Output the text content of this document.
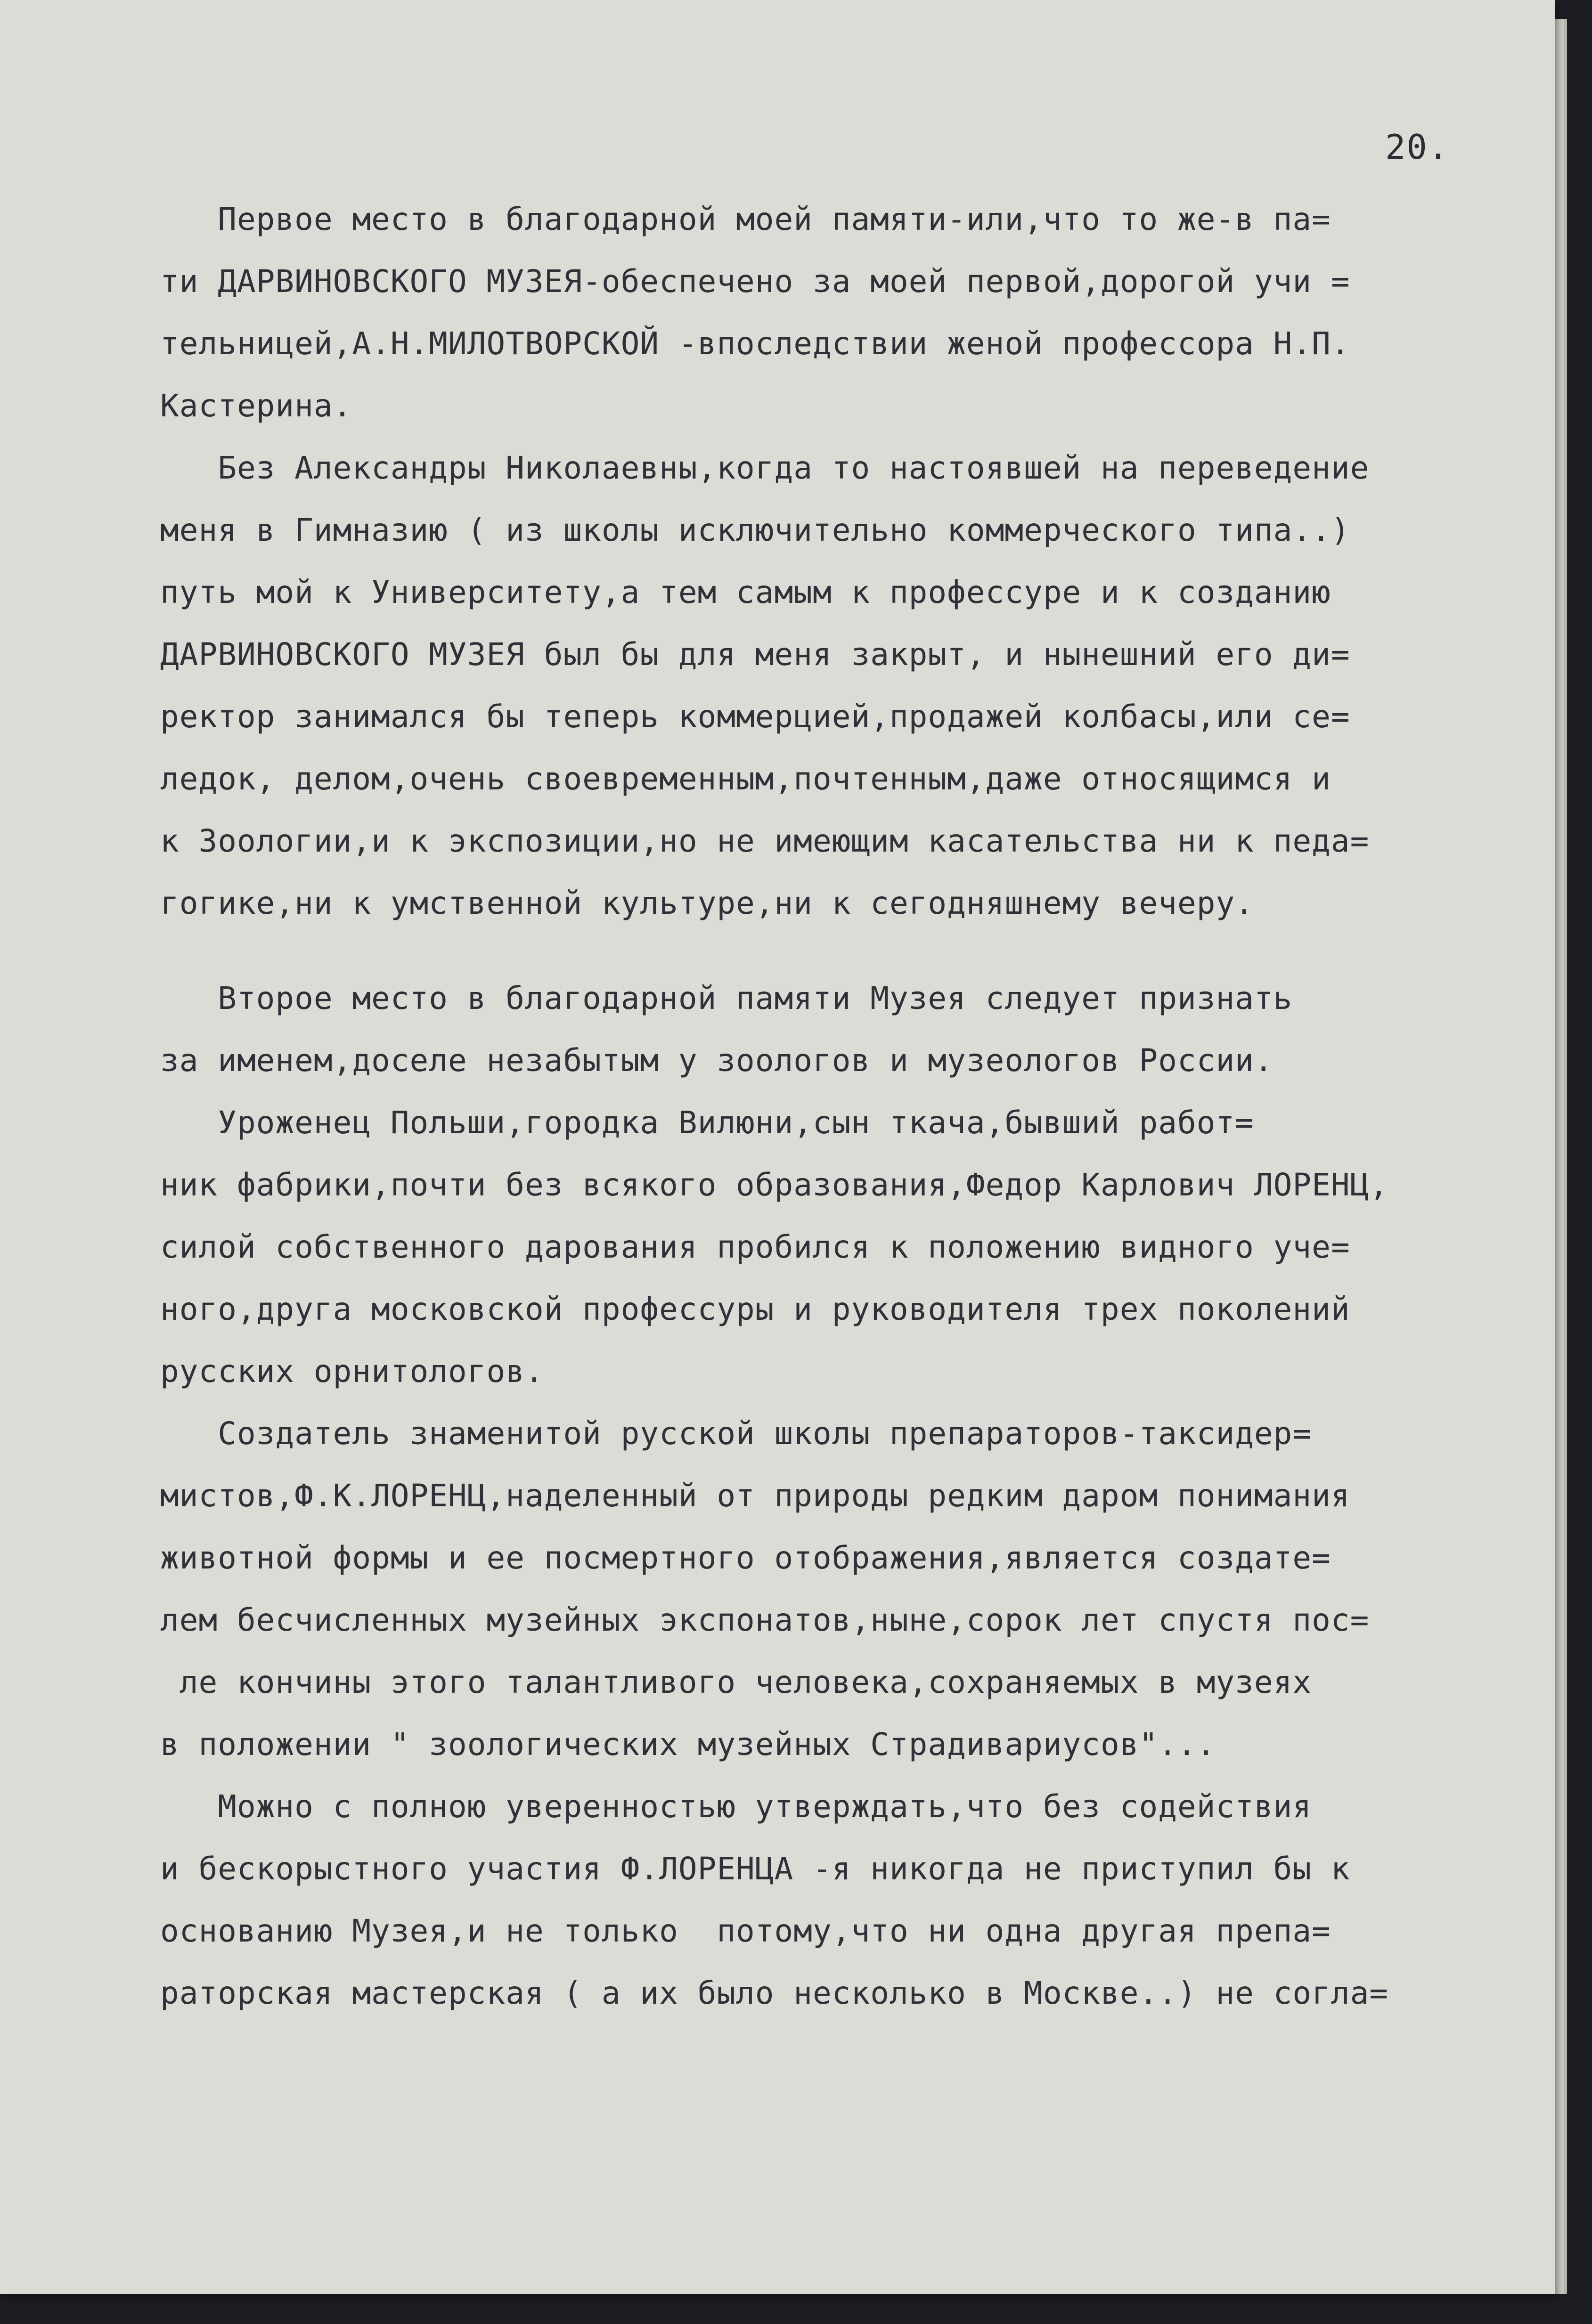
20.
Первое место в благодарной моей памяти-или,что то же-в па=
ти ДАРВИНОВСКОГО МУЗЕЯ-обеспечено за моей первой,дорогой учи =
тельницей,А.Н.МИЛОТВОРСКОЙ -впоследствии женой профессора Н.П.
Кастерина.
Без Александры Николаевны,когда то настоявшей на переведение
меня в Гимназию ( из школы исключительно коммерческого типа..)
путь мой к Университету,а тем самым к профессуре и к созданию
ДАРВИНОВСКОГО МУЗЕЯ был бы для меня закрыт, и нынешний его ди=
ректор занимался бы теперь коммерцией,продажей колбасы,или се=
ледок, делом,очень своевременным,почтенным,даже относящимся и
к Зоологии,и к экспозиции,но не имеющим касательства ни к педа=
гогике,ни к умственной культуре,ни к сегодняшнему вечеру.
Второе место в благодарной памяти Музея следует признать
за именем,доселе незабытым у зоологов и музеологов России.
Уроженец Польши,городка Вилюни,сын ткача,бывший работ=
ник фабрики,почти без всякого образования,Федор Карлович ЛОРЕНЦ,
силой собственного дарования пробился к положению видного уче=
ного,друга московской профессуры и руководителя трех поколений
русских орнитологов.
Создатель знаменитой русской школы препараторов-таксидер=
мистов,Ф.К.ЛОРЕНЦ,наделенный от природы редким даром понимания
животной формы и ее посмертного отображения,является создате=
лем бесчисленных музейных экспонатов,ныне,сорок лет спустя пос=
ле кончины этого талантливого человека,сохраняемых в музеях
в положении " зоологических музейных Страдивариусов"...
Можно с полною уверенностью утверждать,что без содействия
и бескорыстного участия Ф.ЛОРЕНЦА -я никогда не приступил бы к
основанию Музея,и не только  потому,что ни одна другая препа=
раторская мастерская ( а их было несколько в Москве..) не согла=
